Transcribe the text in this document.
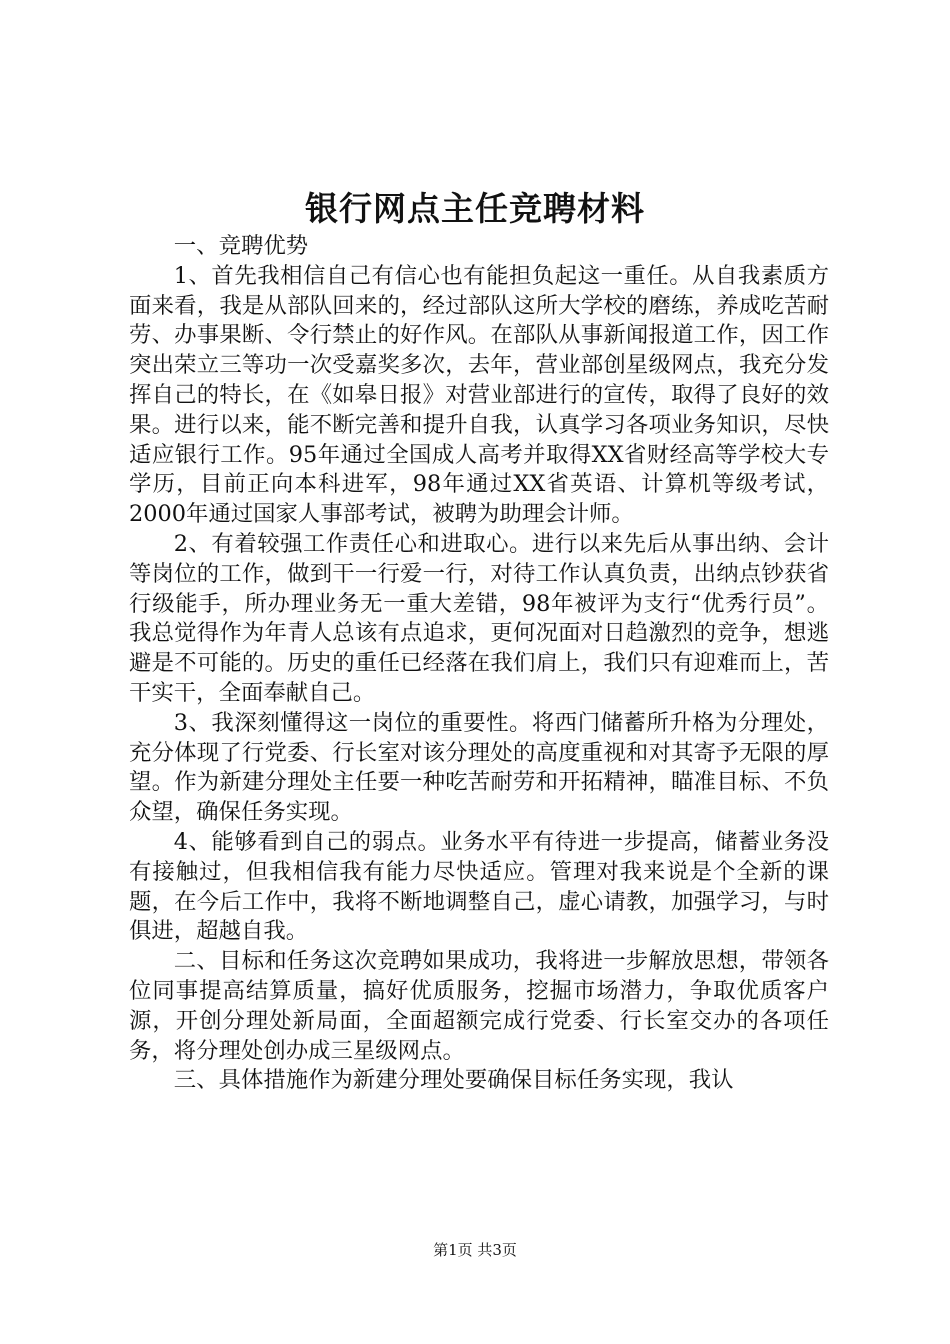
银行网点主任竞聘材料

一、竞聘优势

1、首先我相信自己有信心也有能担负起这一重任。从自我素质方面来看，我是从部队回来的，经过部队这所大学校的磨练，养成吃苦耐劳、办事果断、令行禁止的好作风。在部队从事新闻报道工作，因工作突出荣立三等功一次受嘉奖多次，去年，营业部创星级网点，我充分发挥自己的特长，在《如皋日报》对营业部进行的宣传，取得了良好的效果。进行以来，能不断完善和提升自我，认真学习各项业务知识，尽快适应银行工作。95年通过全国成人高考并取得XX省财经高等学校大专学历，目前正向本科进军，98年通过XX省英语、计算机等级考试，2000年通过国家人事部考试，被聘为助理会计师。

2、有着较强工作责任心和进取心。进行以来先后从事出纳、会计等岗位的工作，做到干一行爱一行，对待工作认真负责，出纳点钞获省行级能手，所办理业务无一重大差错，98年被评为支行“优秀行员”。我总觉得作为年青人总该有点追求，更何况面对日趋激烈的竞争，想逃避是不可能的。历史的重任已经落在我们肩上，我们只有迎难而上，苦干实干，全面奉献自己。

3、我深刻懂得这一岗位的重要性。将西门储蓄所升格为分理处，充分体现了行党委、行长室对该分理处的高度重视和对其寄予无限的厚望。作为新建分理处主任要一种吃苦耐劳和开拓精神，瞄准目标、不负众望，确保任务实现。

4、能够看到自己的弱点。业务水平有待进一步提高，储蓄业务没有接触过，但我相信我有能力尽快适应。管理对我来说是个全新的课题，在今后工作中，我将不断地调整自己，虚心请教，加强学习，与时俱进，超越自我。

二、目标和任务这次竞聘如果成功，我将进一步解放思想，带领各位同事提高结算质量，搞好优质服务，挖掘市场潜力，争取优质客户源，开创分理处新局面，全面超额完成行党委、行长室交办的各项任务，将分理处创办成三星级网点。

三、具体措施作为新建分理处要确保目标任务实现，我认

第1页 共3页
